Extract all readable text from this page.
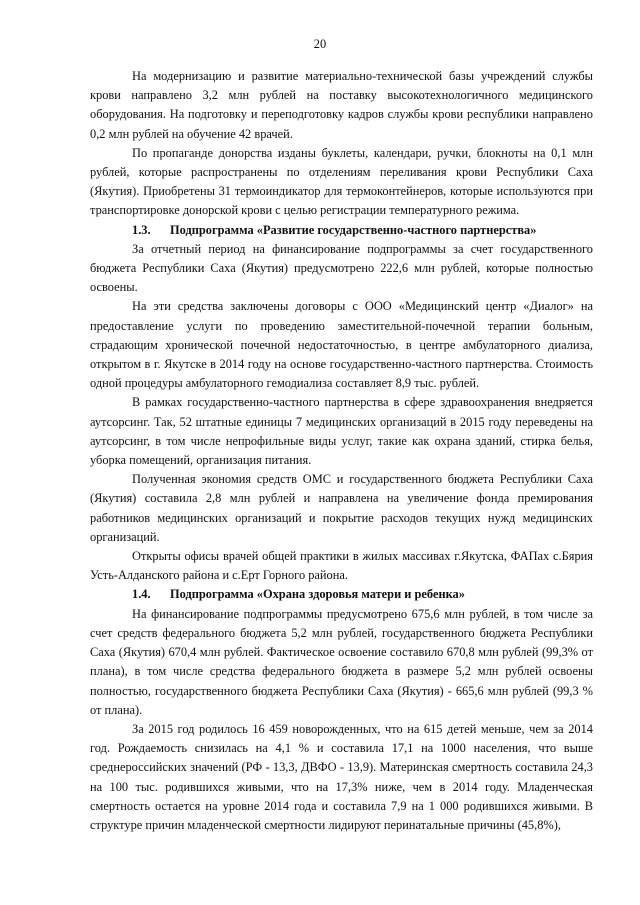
20

На модернизацию и развитие материально-технической базы учреждений службы крови направлено 3,2 млн рублей на поставку высокотехнологичного медицинского оборудования. На подготовку и переподготовку кадров службы крови республики направлено 0,2 млн рублей на обучение 42 врачей.

По пропаганде донорства изданы буклеты, календари, ручки, блокноты на 0,1 млн рублей, которые распространены по отделениям переливания крови Республики Саха (Якутия). Приобретены 31 термоиндикатор для термоконтейнеров, которые используются при транспортировке донорской крови с целью регистрации температурного режима.

1.3. Подпрограмма «Развитие государственно-частного партнерства»

За отчетный период на финансирование подпрограммы за счет государственного бюджета Республики Саха (Якутия) предусмотрено 222,6 млн рублей, которые полностью освоены.

На эти средства заключены договоры с ООО «Медицинский центр «Диалог» на предоставление услуги по проведению заместительной-почечной терапии больным, страдающим хронической почечной недостаточностью, в центре амбулаторного диализа, открытом в г. Якутске в 2014 году на основе государственно-частного партнерства. Стоимость одной процедуры амбулаторного гемодиализа составляет 8,9 тыс. рублей.

В рамках государственно-частного партнерства в сфере здравоохранения внедряется аутсорсинг. Так, 52 штатные единицы 7 медицинских организаций в 2015 году переведены на аутсорсинг, в том числе непрофильные виды услуг, такие как охрана зданий, стирка белья, уборка помещений, организация питания.

Полученная экономия средств ОМС и государственного бюджета Республики Саха (Якутия) составила 2,8 млн рублей и направлена на увеличение фонда премирования работников медицинских организаций и покрытие расходов текущих нужд медицинских организаций.

Открыты офисы врачей общей практики в жилых массивах г.Якутска, ФАПах с.Бярия Усть-Алданского района и с.Ерт Горного района.

1.4. Подпрограмма «Охрана здоровья матери и ребенка»

На финансирование подпрограммы предусмотрено 675,6 млн рублей, в том числе за счет средств федерального бюджета 5,2 млн рублей, государственного бюджета Республики Саха (Якутия) 670,4 млн рублей. Фактическое освоение составило 670,8 млн рублей (99,3% от плана), в том числе средства федерального бюджета в размере 5,2 млн рублей освоены полностью, государственного бюджета Республики Саха (Якутия) - 665,6 млн рублей (99,3 % от плана).

За 2015 год родилось 16 459 новорожденных, что на 615 детей меньше, чем за 2014 год. Рождаемость снизилась на 4,1 % и составила 17,1 на 1000 населения, что выше среднероссийских значений (РФ - 13,3, ДВФО - 13,9). Материнская смертность составила 24,3 на 100 тыс. родившихся живыми, что на 17,3% ниже, чем в 2014 году. Младенческая смертность остается на уровне 2014 года и составила 7,9 на 1 000 родившихся живыми. В структуре причин младенческой смертности лидируют перинатальные причины (45,8%),
